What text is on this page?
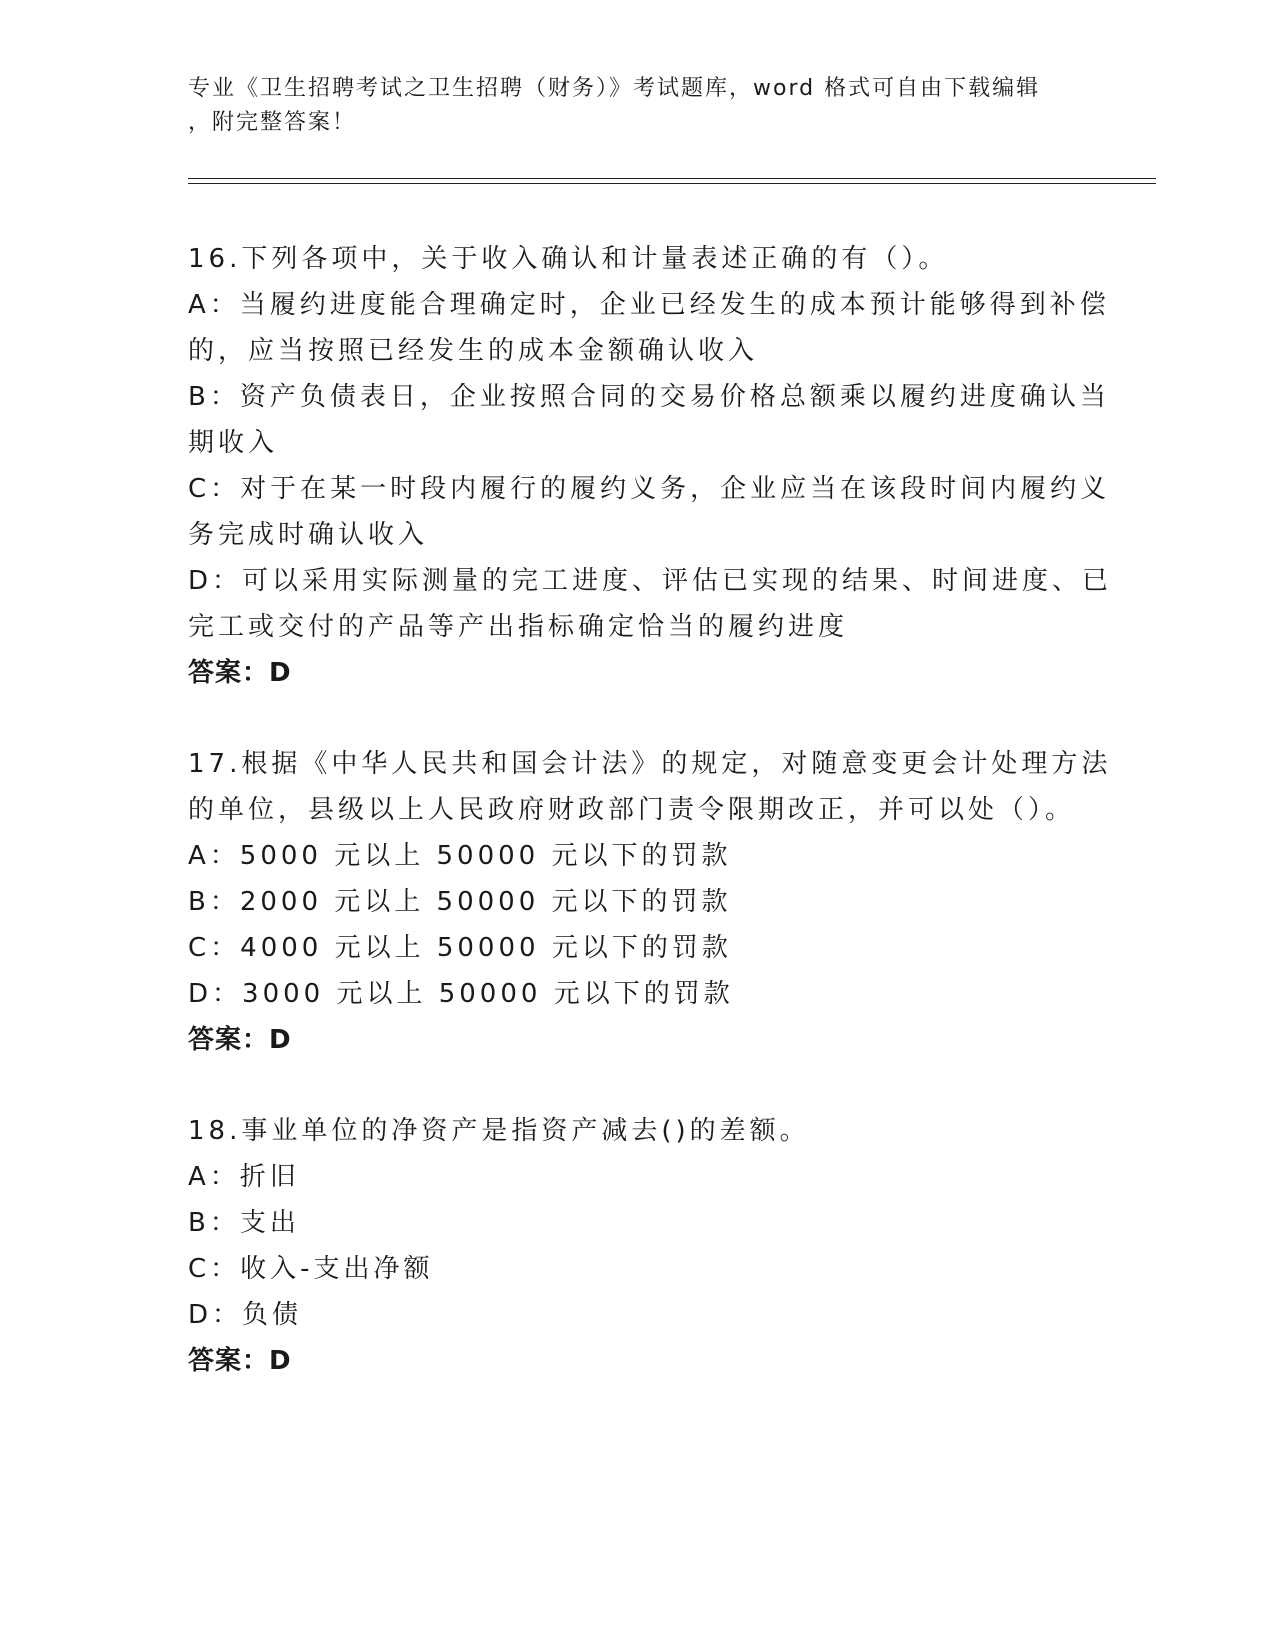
专业《卫生招聘考试之卫生招聘（财务）》考试题库，word 格式可自由下载编辑
，附完整答案！
16.下列各项中，关于收入确认和计量表述正确的有（）。
A：当履约进度能合理确定时，企业已经发生的成本预计能够得到补偿
的，应当按照已经发生的成本金额确认收入
B：资产负债表日，企业按照合同的交易价格总额乘以履约进度确认当
期收入
C：对于在某一时段内履行的履约义务，企业应当在该段时间内履约义
务完成时确认收入
D：可以采用实际测量的完工进度、评估已实现的结果、时间进度、已
完工或交付的产品等产出指标确定恰当的履约进度
答案：D
17.根据《中华人民共和国会计法》的规定，对随意变更会计处理方法
的单位，县级以上人民政府财政部门责令限期改正，并可以处（）。
A：5000 元以上 50000 元以下的罚款
B：2000 元以上 50000 元以下的罚款
C：4000 元以上 50000 元以下的罚款
D：3000 元以上 50000 元以下的罚款
答案：D
18.事业单位的净资产是指资产减去()的差额。
A：折旧
B：支出
C：收入-支出净额
D：负债
答案：D
